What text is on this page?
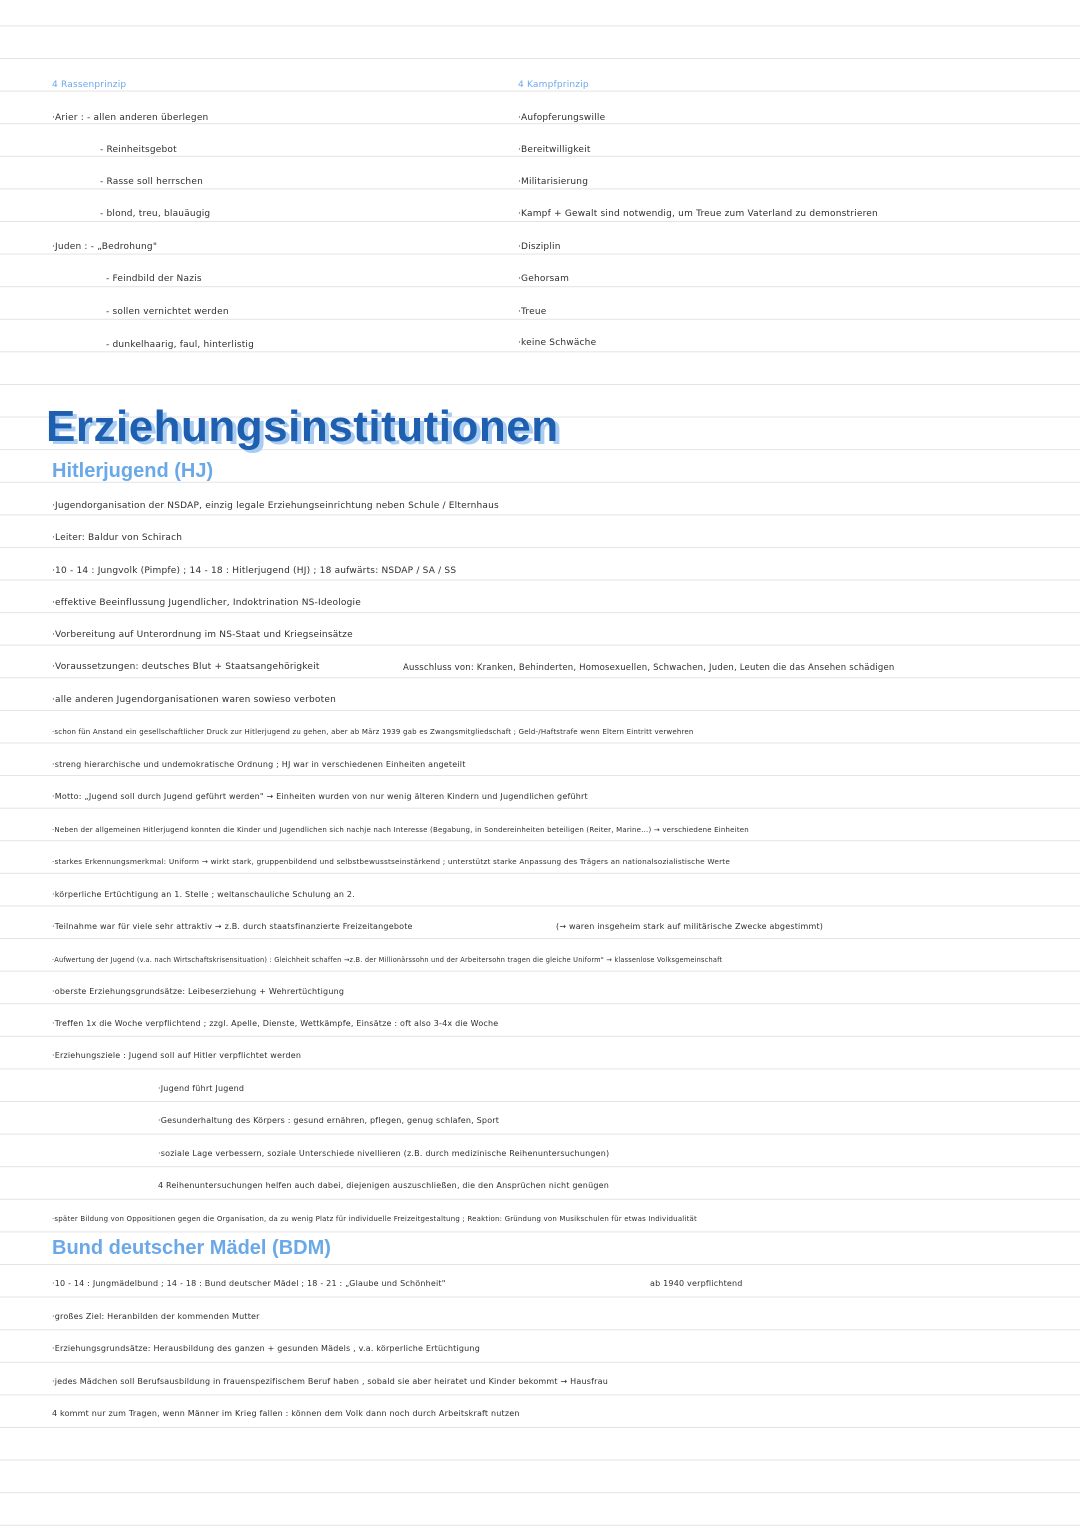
4 Rassenprinzip	4 Kampfprinzip
·Arier : - allen anderen überlegen
- Reinheitsgebot
- Rasse soll herrschen
- blond, treu, blauäugig
·Juden : - „Bedrohung"
- Feindbild der Nazis
- sollen vernichtet werden
- dunkelhaarig, faul, hinterlistig
·Aufopferungswille
·Bereitwilligkeit
·Militarisierung
·Kampf + Gewalt sind notwendig, um Treue zum Vaterland zu demonstrieren
·Disziplin
·Gehorsam
·Treue
·keine Schwäche
Erziehungsinstitutionen
Hitlerjugend (HJ)
·Jugendorganisation der NSDAP, einzig legale Erziehungseinrichtung neben Schule / Elternhaus
·Leiter: Baldur von Schirach
·10 - 14 : Jungvolk (Pimpfe) ; 14 - 18 : Hitlerjugend (HJ) ; 18 aufwärts: NSDAP / SA / SS
·effektive Beeinflussung Jugendlicher, Indoktrination NS-Ideologie
·Vorbereitung auf Unterordnung im NS-Staat und Kriegseinsätze
·Voraussetzungen: deutsches Blut + Staatsangehörigkeit	Ausschluss von: Kranken, Behinderten, Homosexuellen, Schwachen, Juden, Leuten die das Ansehen schädigen
·alle anderen Jugendorganisationen waren sowieso verboten
·schon fün Anstand ein gesellschaftlicher Druck zur Hitlerjugend zu gehen, aber ab März 1939 gab es Zwangsmitgliedschaft ; Geld-/Haftstrafe wenn Eltern Eintritt verwehren
·streng hierarchische und undemokratische Ordnung ; HJ war in verschiedenen Einheiten angeteilt
·Motto: „Jugend soll durch Jugend geführt werden" → Einheiten wurden von nur wenig älteren Kindern und Jugendlichen geführt
·Neben der allgemeinen Hitlerjugend konnten die Kinder und Jugendlichen sich nachje nach Interesse (Begabung, in Sondereinheiten beteiligen (Reiter, Marine...) → verschiedene Einheiten
·starkes Erkennungsmerkmal: Uniform → wirkt stark, gruppenbildend und selbstbewusstseinstärkend ; unterstützt starke Anpassung des Trägers an nationalsozialistische Werte
·körperliche Ertüchtigung an 1. Stelle ; weltanschauliche Schulung an 2.
·Teilnahme war für viele sehr attraktiv → z.B. durch staatsfinanzierte Freizeitangebote	(→ waren insgeheim stark auf militärische Zwecke abgestimmt)
·Aufwertung der Jugend (v.a. nach Wirtschaftskrisensituation) : Gleichheit schaffen →z.B. der Millionärssohn und der Arbeitersohn tragen die gleiche Uniform" → klassenlose Volksgemeinschaft
·oberste Erziehungsgrundsätze: Leibeserziehung + Wehrertüchtigung
·Treffen 1x die Woche verpflichtend ; zzgl. Apelle, Dienste, Wettkämpfe, Einsätze : oft also 3-4x die Woche
·Erziehungsziele : Jugend soll auf Hitler verpflichtet werden
·Jugend führt Jugend
·Gesunderhaltung des Körpers : gesund ernähren, pflegen, genug schlafen, Sport
·soziale Lage verbessern, soziale Unterschiede nivellieren (z.B. durch medizinische Reihenuntersuchungen)
4 Reihenuntersuchungen helfen auch dabei, diejenigen auszuschließen, die den Ansprüchen nicht genügen
·später Bildung von Oppositionen gegen die Organisation, da zu wenig Platz für individuelle Freizeitgestaltung ; Reaktion: Gründung von Musikschulen für etwas Individualität
Bund deutscher Mädel (BDM)
·10 - 14 : Jungmädelbund ; 14 - 18 : Bund deutscher Mädel ; 18 - 21 : „Glaube und Schönheit"	ab 1940 verpflichtend
·großes Ziel: Heranbilden der kommenden Mutter
·Erziehungsgrundsätze: Herausbildung des ganzen + gesunden Mädels , v.a. körperliche Ertüchtigung
·jedes Mädchen soll Berufsausbildung in frauenspezifischem Beruf haben , sobald sie aber heiratet und Kinder bekommt → Hausfrau
4 kommt nur zum Tragen, wenn Männer im Krieg fallen : können dem Volk dann noch durch Arbeitskraft nutzen
